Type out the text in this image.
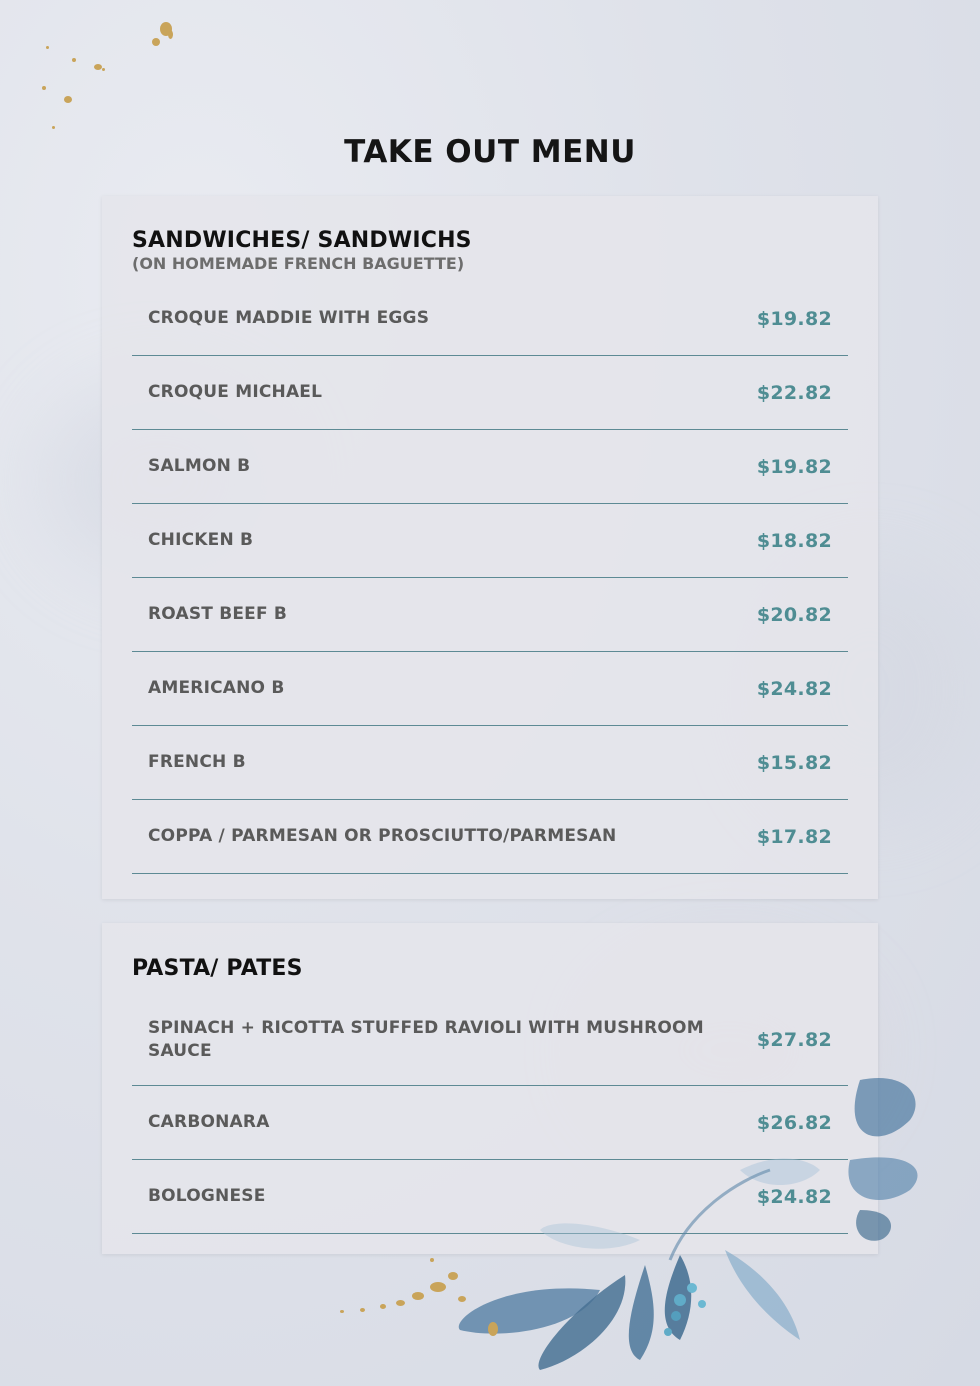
TAKE OUT MENU
SANDWICHES/ SANDWICHS

(ON HOMEMADE FRENCH BAGUETTE)

CROQUE MADDIE WITH EGGS	$19.82
CROQUE MICHAEL	$22.82
SALMON B	$19.82
CHICKEN B	$18.82
ROAST BEEF B	$20.82
AMERICANO B	$24.82
FRENCH B	$15.82
COPPA / PARMESAN OR PROSCIUTTO/PARMESAN	$17.82
PASTA/ PATES
SPINACH + RICOTTA STUFFED RAVIOLI WITH MUSHROOM SAUCE	$27.82
CARBONARA	$26.82
BOLOGNESE	$24.82
